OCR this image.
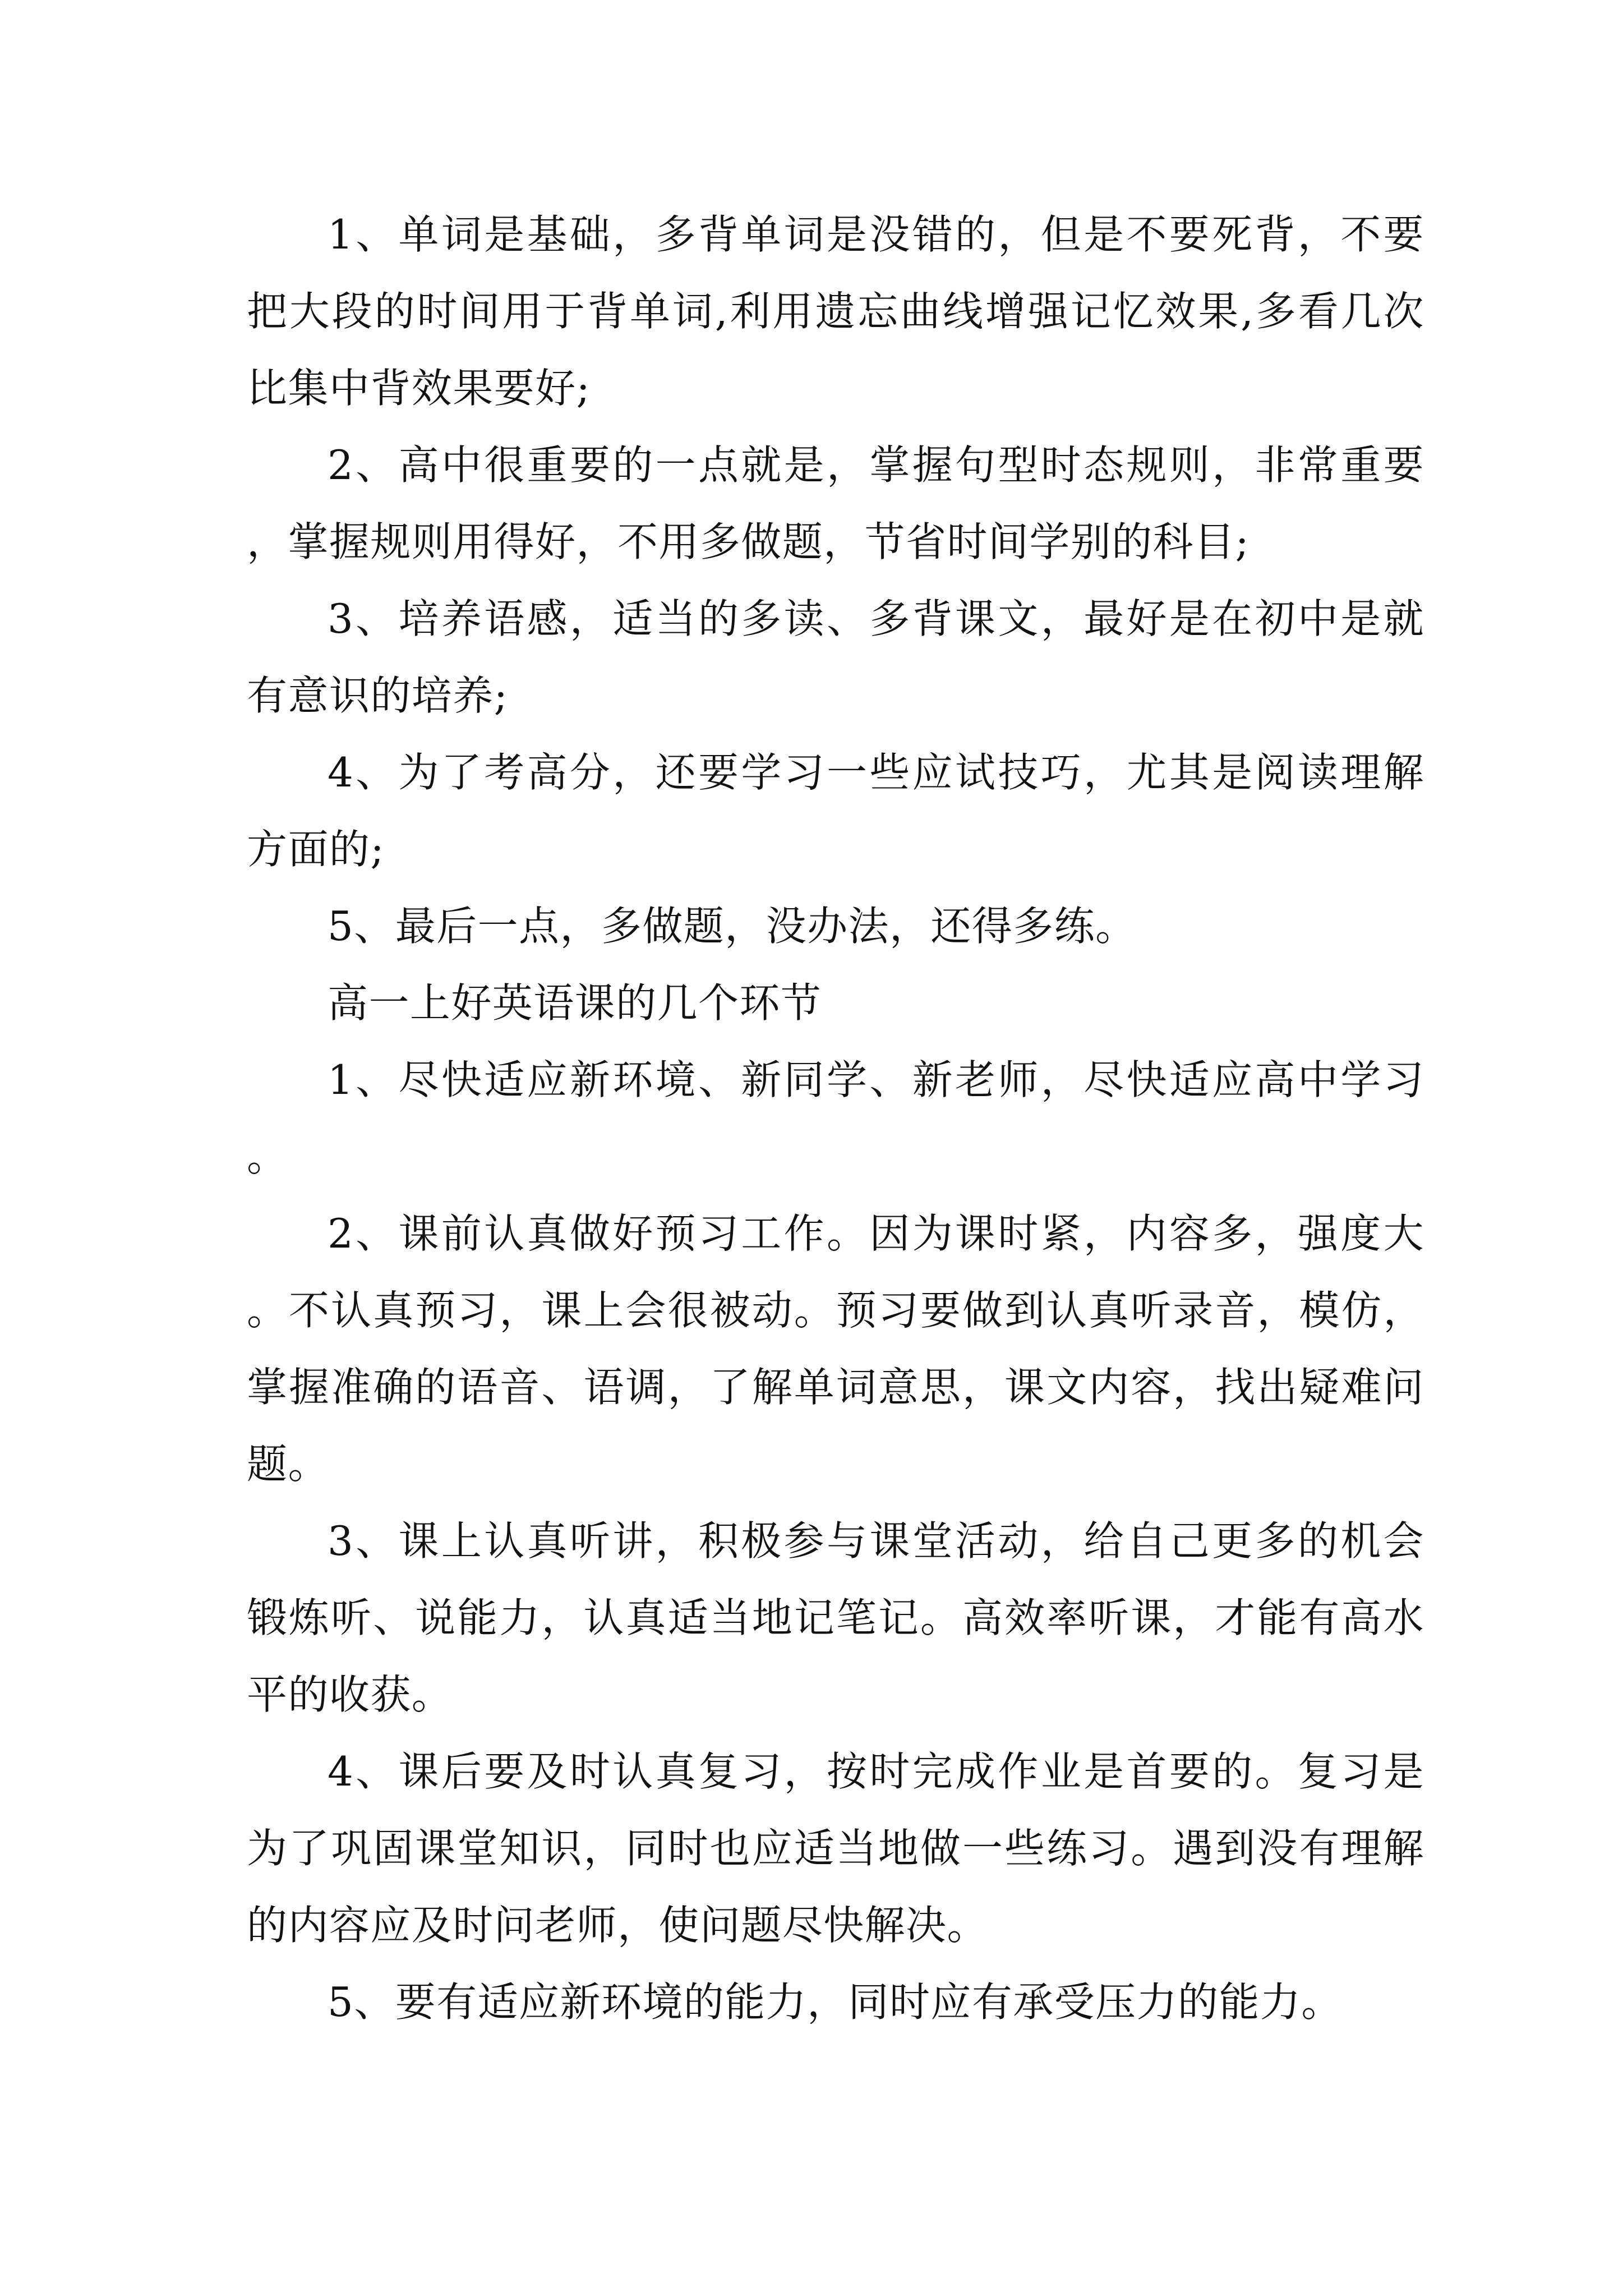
1、单词是基础，多背单词是没错的，但是不要死背，不要把大段的时间用于背单词,利用遗忘曲线增强记忆效果,多看几次比集中背效果要好;

2、高中很重要的一点就是，掌握句型时态规则，非常重要，掌握规则用得好，不用多做题，节省时间学别的科目;

3、培养语感，适当的多读、多背课文，最好是在初中是就有意识的培养;

4、为了考高分，还要学习一些应试技巧，尤其是阅读理解方面的;

5、最后一点，多做题，没办法，还得多练。

高一上好英语课的几个环节

1、尽快适应新环境、新同学、新老师，尽快适应高中学习。

2、课前认真做好预习工作。因为课时紧，内容多，强度大。不认真预习，课上会很被动。预习要做到认真听录音，模仿，掌握准确的语音、语调，了解单词意思，课文内容，找出疑难问题。

3、课上认真听讲，积极参与课堂活动，给自己更多的机会锻炼听、说能力，认真适当地记笔记。高效率听课，才能有高水平的收获。

4、课后要及时认真复习，按时完成作业是首要的。复习是为了巩固课堂知识，同时也应适当地做一些练习。遇到没有理解的内容应及时问老师，使问题尽快解决。

5、要有适应新环境的能力，同时应有承受压力的能力。
